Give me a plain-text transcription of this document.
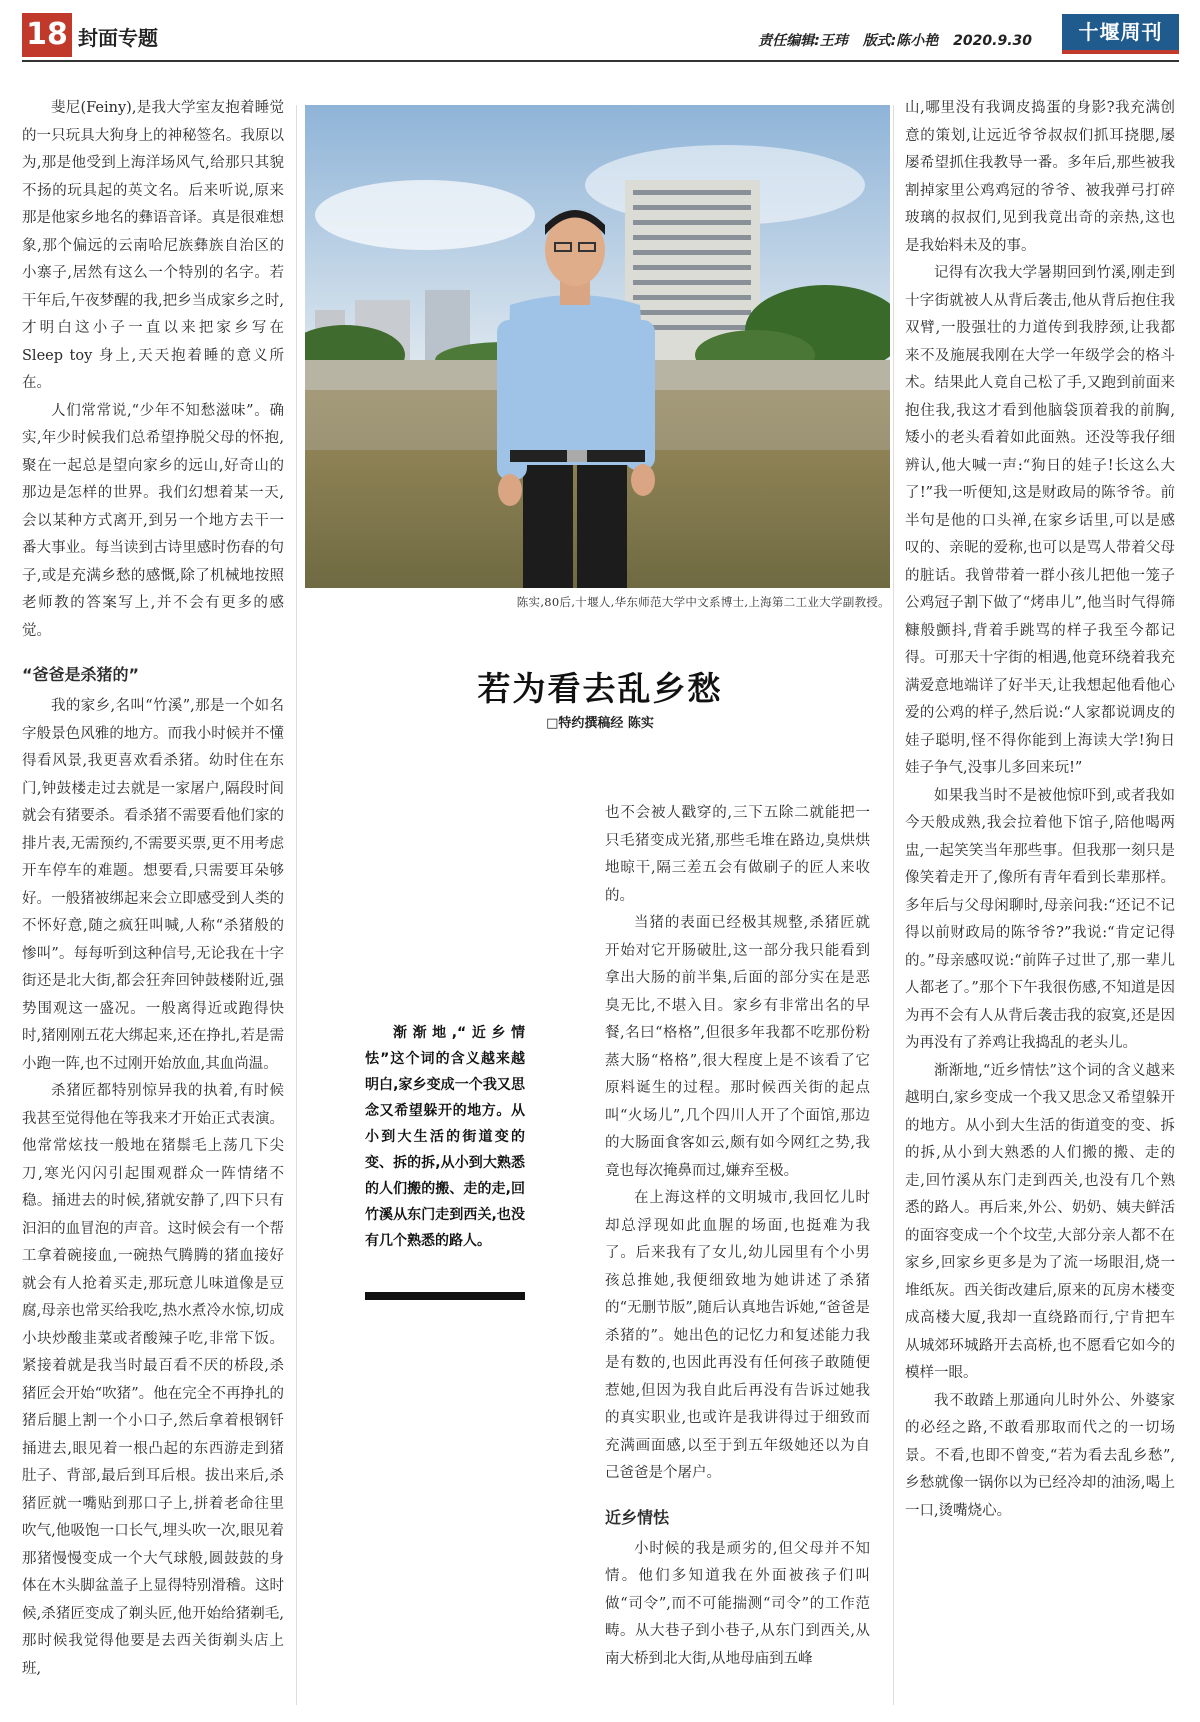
18 封面专题	责任编辑:王玮 版式:陈小艳 2020.9.30	十堰周刊

斐尼(Feiny),是我大学室友抱着睡觉的一只玩具大狗身上的神秘签名。我原以为,那是他受到上海洋场风气,给那只其貌不扬的玩具起的英文名。后来听说,原来那是他家乡地名的彝语音译。真是很难想象,那个偏远的云南哈尼族彝族自治区的小寨子,居然有这么一个特别的名字。若干年后,午夜梦醒的我,把乡当成家乡之时,才明白这小子一直以来把家乡写在 Sleep toy 身上,天天抱着睡的意义所在。

人们常常说,“少年不知愁滋味”。确实,年少时候我们总希望挣脱父母的怀抱,聚在一起总是望向家乡的远山,好奇山的那边是怎样的世界。我们幻想着某一天,会以某种方式离开,到另一个地方去干一番大事业。每当读到古诗里感时伤春的句子,或是充满乡愁的感慨,除了机械地按照老师教的答案写上,并不会有更多的感觉。

“爸爸是杀猪的”

我的家乡,名叫“竹溪”,那是一个如名字般景色风雅的地方。而我小时候并不懂得看风景,我更喜欢看杀猪。幼时住在东门,钟鼓楼走过去就是一家屠户,隔段时间就会有猪要杀。看杀猪不需要看他们家的排片表,无需预约,不需要买票,更不用考虑开车停车的难题。想要看,只需要耳朵够好。一般猪被绑起来会立即感受到人类的不怀好意,随之疯狂叫喊,人称“杀猪般的惨叫”。每每听到这种信号,无论我在十字街还是北大街,都会狂奔回钟鼓楼附近,强势围观这一盛况。一般离得近或跑得快时,猪刚刚五花大绑起来,还在挣扎,若是需小跑一阵,也不过刚开始放血,其血尚温。

杀猪匠都特别惊异我的执着,有时候我甚至觉得他在等我来才开始正式表演。他常常炫技一般地在猪鬃毛上荡几下尖刀,寒光闪闪引起围观群众一阵情绪不稳。捅进去的时候,猪就安静了,四下只有汩汩的血冒泡的声音。这时候会有一个帮工拿着碗接血,一碗热气腾腾的猪血接好就会有人抢着买走,那玩意儿味道像是豆腐,母亲也常买给我吃,热水煮冷水惊,切成小块炒酸韭菜或者酸辣子吃,非常下饭。紧接着就是我当时最百看不厌的桥段,杀猪匠会开始“吹猪”。他在完全不再挣扎的猪后腿上割一个小口子,然后拿着根钢钎捅进去,眼见着一根凸起的东西游走到猪肚子、背部,最后到耳后根。拔出来后,杀猪匠就一嘴贴到那口子上,拼着老命往里吹气,他吸饱一口长气,埋头吹一次,眼见着那猪慢慢变成一个大气球般,圆鼓鼓的身体在木头脚盆盖子上显得特别滑稽。这时候,杀猪匠变成了剃头匠,他开始给猪剃毛,那时候我觉得他要是去西关街剃头店上班,

陈实,80后,十堰人,华东师范大学中文系博士,上海第二工业大学副教授。
若为看去乱乡愁
□特约撰稿经 陈实

渐渐地,“近乡情怯”这个词的含义越来越明白,家乡变成一个我又思念又希望躲开的地方。从小到大生活的街道变的变、拆的拆,从小到大熟悉的人们搬的搬、走的走,回竹溪从东门走到西关,也没有几个熟悉的路人。

也不会被人戳穿的,三下五除二就能把一只毛猪变成光猪,那些毛堆在路边,臭烘烘地晾干,隔三差五会有做刷子的匠人来收的。

当猪的表面已经极其规整,杀猪匠就开始对它开肠破肚,这一部分我只能看到拿出大肠的前半集,后面的部分实在是恶臭无比,不堪入目。家乡有非常出名的早餐,名曰“格格”,但很多年我都不吃那份粉蒸大肠“格格”,很大程度上是不该看了它原料诞生的过程。那时候西关街的起点叫“火场儿”,几个四川人开了个面馆,那边的大肠面食客如云,颇有如今网红之势,我竟也每次掩鼻而过,嫌弃至极。

在上海这样的文明城市,我回忆儿时却总浮现如此血腥的场面,也挺难为我了。后来我有了女儿,幼儿园里有个小男孩总推她,我便细致地为她讲述了杀猪的“无删节版”,随后认真地告诉她,“爸爸是杀猪的”。她出色的记忆力和复述能力我是有数的,也因此再没有任何孩子敢随便惹她,但因为我自此后再没有告诉过她我的真实职业,也或许是我讲得过于细致而充满画面感,以至于到五年级她还以为自己爸爸是个屠户。

近乡情怯

小时候的我是顽劣的,但父母并不知情。他们多知道我在外面被孩子们叫做“司令”,而不可能揣测“司令”的工作范畴。从大巷子到小巷子,从东门到西关,从南大桥到北大街,从地母庙到五峰

山,哪里没有我调皮捣蛋的身影?我充满创意的策划,让远近爷爷叔叔们抓耳挠腮,屡屡希望抓住我教导一番。多年后,那些被我割掉家里公鸡鸡冠的爷爷、被我弹弓打碎玻璃的叔叔们,见到我竟出奇的亲热,这也是我始料未及的事。

记得有次我大学暑期回到竹溪,刚走到十字街就被人从背后袭击,他从背后抱住我双臂,一股强壮的力道传到我脖颈,让我都来不及施展我刚在大学一年级学会的格斗术。结果此人竟自己松了手,又跑到前面来抱住我,我这才看到他脑袋顶着我的前胸,矮小的老头看着如此面熟。还没等我仔细辨认,他大喊一声:“狗日的娃子!长这么大了!”我一听便知,这是财政局的陈爷爷。前半句是他的口头禅,在家乡话里,可以是感叹的、亲昵的爱称,也可以是骂人带着父母的脏话。我曾带着一群小孩儿把他一笼子公鸡冠子割下做了“烤串儿”,他当时气得筛糠般颤抖,背着手跳骂的样子我至今都记得。可那天十字街的相遇,他竟环绕着我充满爱意地端详了好半天,让我想起他看他心爱的公鸡的样子,然后说:“人家都说调皮的娃子聪明,怪不得你能到上海读大学!狗日娃子争气,没事儿多回来玩!”

如果我当时不是被他惊吓到,或者我如今天般成熟,我会拉着他下馆子,陪他喝两盅,一起笑笑当年那些事。但我那一刻只是像笑着走开了,像所有青年看到长辈那样。多年后与父母闲聊时,母亲问我:“还记不记得以前财政局的陈爷爷?”我说:“肯定记得的。”母亲感叹说:“前阵子过世了,那一辈儿人都老了。”那个下午我很伤感,不知道是因为再不会有人从背后袭击我的寂寞,还是因为再没有了养鸡让我捣乱的老头儿。

渐渐地,“近乡情怯”这个词的含义越来越明白,家乡变成一个我又思念又希望躲开的地方。从小到大生活的街道变的变、拆的拆,从小到大熟悉的人们搬的搬、走的走,回竹溪从东门走到西关,也没有几个熟悉的路人。再后来,外公、奶奶、姨夫鲜活的面容变成一个个坟茔,大部分亲人都不在家乡,回家乡更多是为了流一场眼泪,烧一堆纸灰。西关街改建后,原来的瓦房木楼变成高楼大厦,我却一直绕路而行,宁肯把车从城郊环城路开去高桥,也不愿看它如今的模样一眼。

我不敢踏上那通向儿时外公、外婆家的必经之路,不敢看那取而代之的一切场景。不看,也即不曾变,“若为看去乱乡愁”,乡愁就像一锅你以为已经冷却的油汤,喝上一口,烫嘴烧心。
